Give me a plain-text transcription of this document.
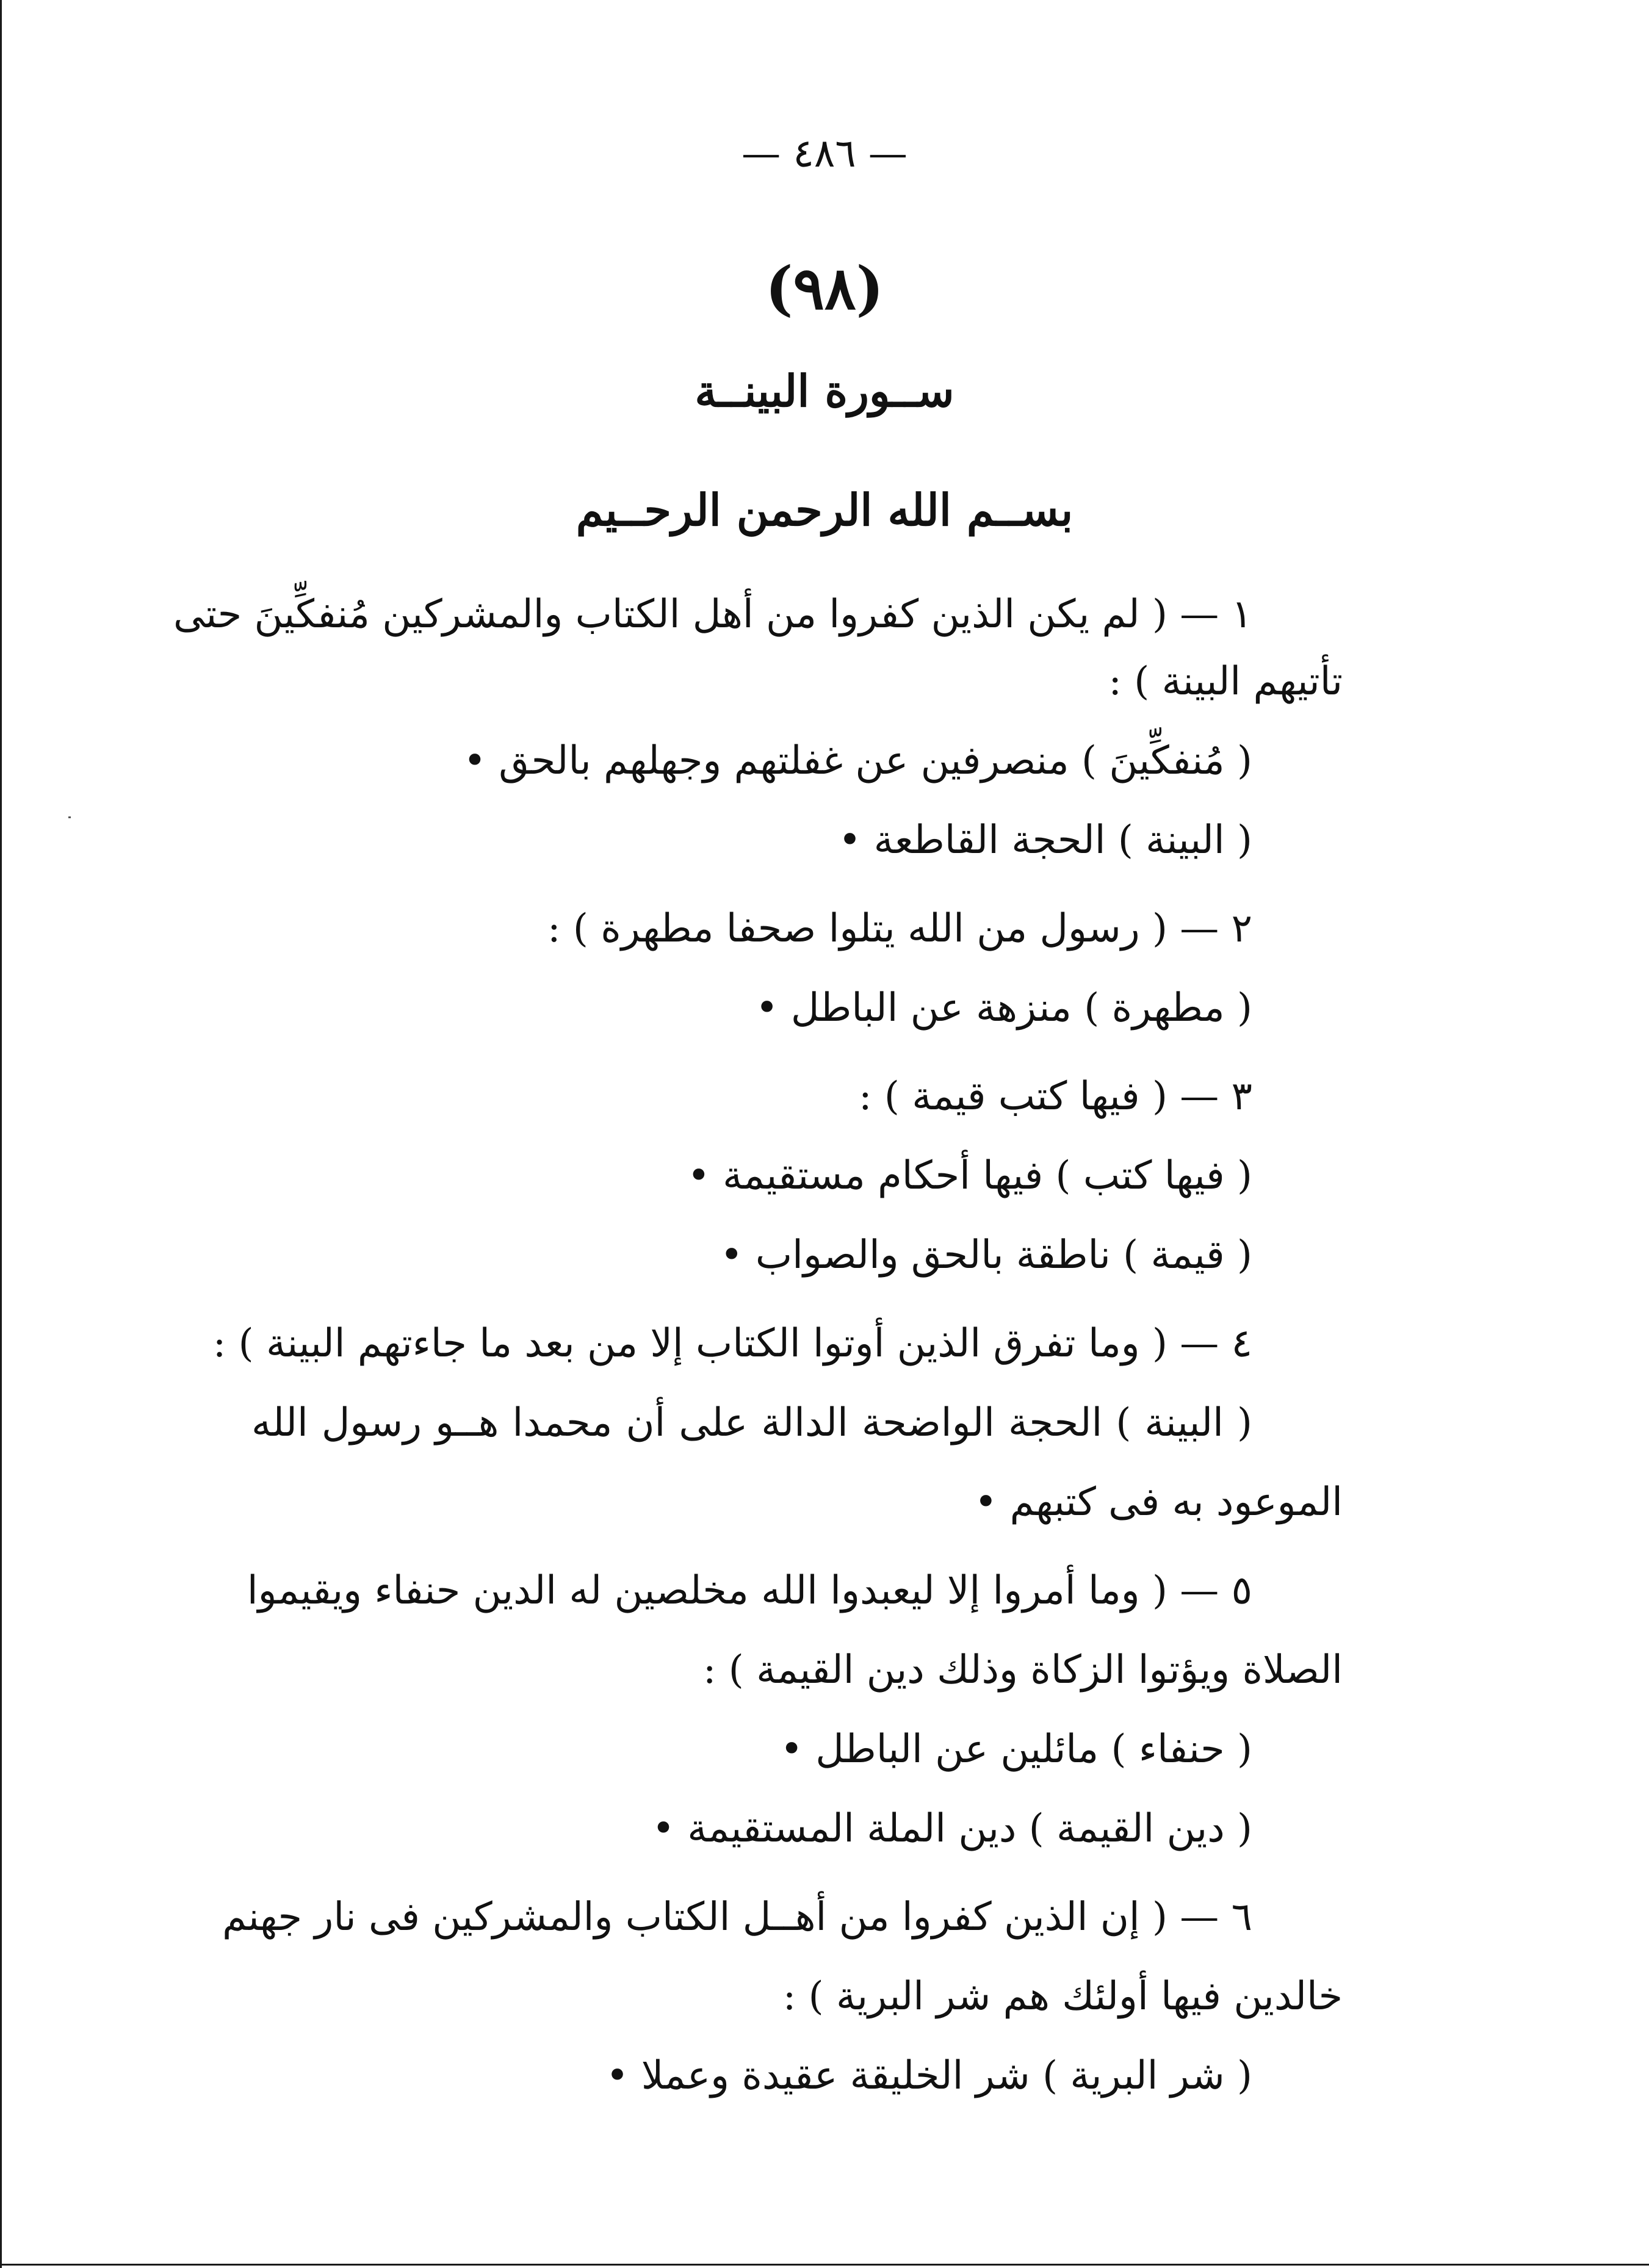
— ٤٨٦ —
(٩٨)
ســورة البينــة
بســم الله الرحمن الرحــيم
١ — ( لم يكن الذين كفروا من أهل الكتاب والمشركين مُنفكِّينَ حتى
تأتيهم البينة ) :
( مُنفكِّينَ ) منصرفين عن غفلتهم وجهلهم بالحق •
( البينة ) الحجة القاطعة •
٢ — ( رسول من الله يتلوا صحفا مطهرة ) :
( مطهرة ) منزهة عن الباطل •
٣ — ( فيها كتب قيمة ) :
( فيها كتب ) فيها أحكام مستقيمة •
( قيمة ) ناطقة بالحق والصواب •
٤ — ( وما تفرق الذين أوتوا الكتاب إلا من بعد ما جاءتهم البينة ) :
( البينة ) الحجة الواضحة الدالة على أن محمدا هــو رسول الله
الموعود به فى كتبهم •
٥ — ( وما أمروا إلا ليعبدوا الله مخلصين له الدين حنفاء ويقيموا
الصلاة ويؤتوا الزكاة وذلك دين القيمة ) :
( حنفاء ) مائلين عن الباطل •
( دين القيمة ) دين الملة المستقيمة •
٦ — ( إن الذين كفروا من أهــل الكتاب والمشركين فى نار جهنم
خالدين فيها أولئك هم شر البرية ) :
( شر البرية ) شر الخليقة عقيدة وعملا •
